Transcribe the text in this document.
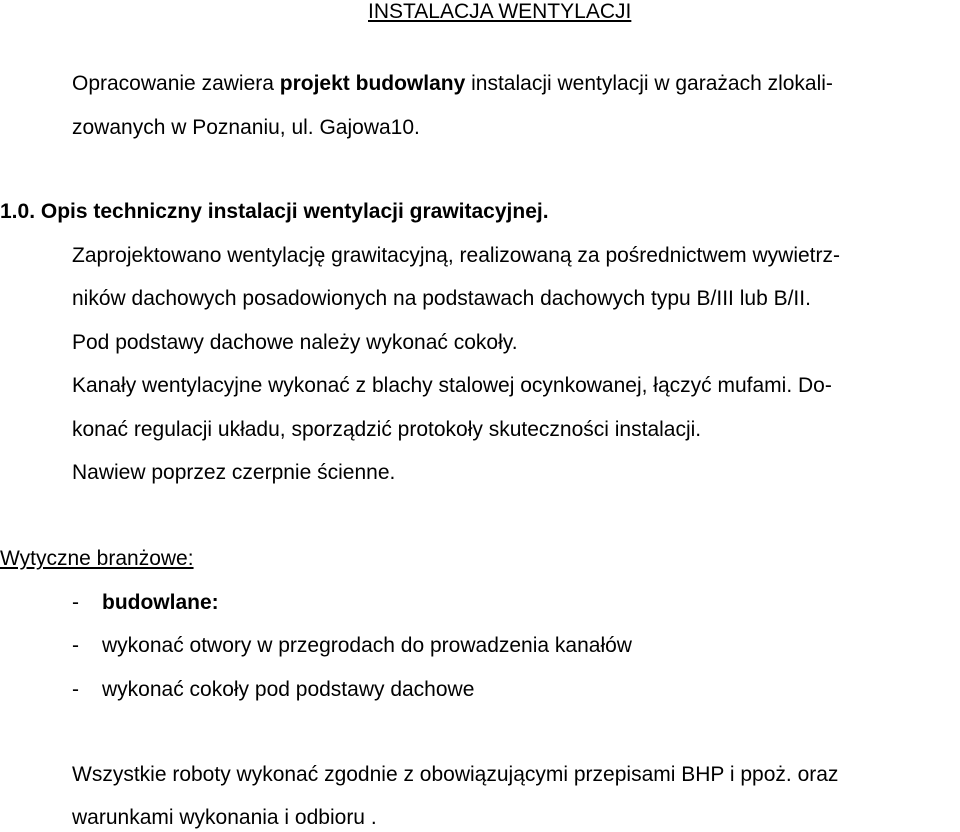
INSTALACJA WENTYLACJI

Opracowanie zawiera projekt budowlany instalacji wentylacji w garażach zlokali-

zowanych w Poznaniu, ul. Gajowa10.

1.0. Opis techniczny instalacji wentylacji grawitacyjnej.

Zaprojektowano wentylację grawitacyjną, realizowaną za pośrednictwem wywietrz-

ników dachowych posadowionych na podstawach dachowych typu B/III lub B/II.

Pod podstawy dachowe należy wykonać cokoły.

Kanały wentylacyjne wykonać z blachy stalowej ocynkowanej, łączyć mufami. Do-

konać regulacji układu, sporządzić protokoły skuteczności instalacji.

Nawiew poprzez czerpnie ścienne.

Wytyczne branżowe:

- budowlane:

- wykonać otwory w przegrodach do prowadzenia kanałów

- wykonać cokoły pod podstawy dachowe

Wszystkie roboty wykonać zgodnie z obowiązującymi przepisami BHP i ppoż. oraz

warunkami wykonania i odbioru .
